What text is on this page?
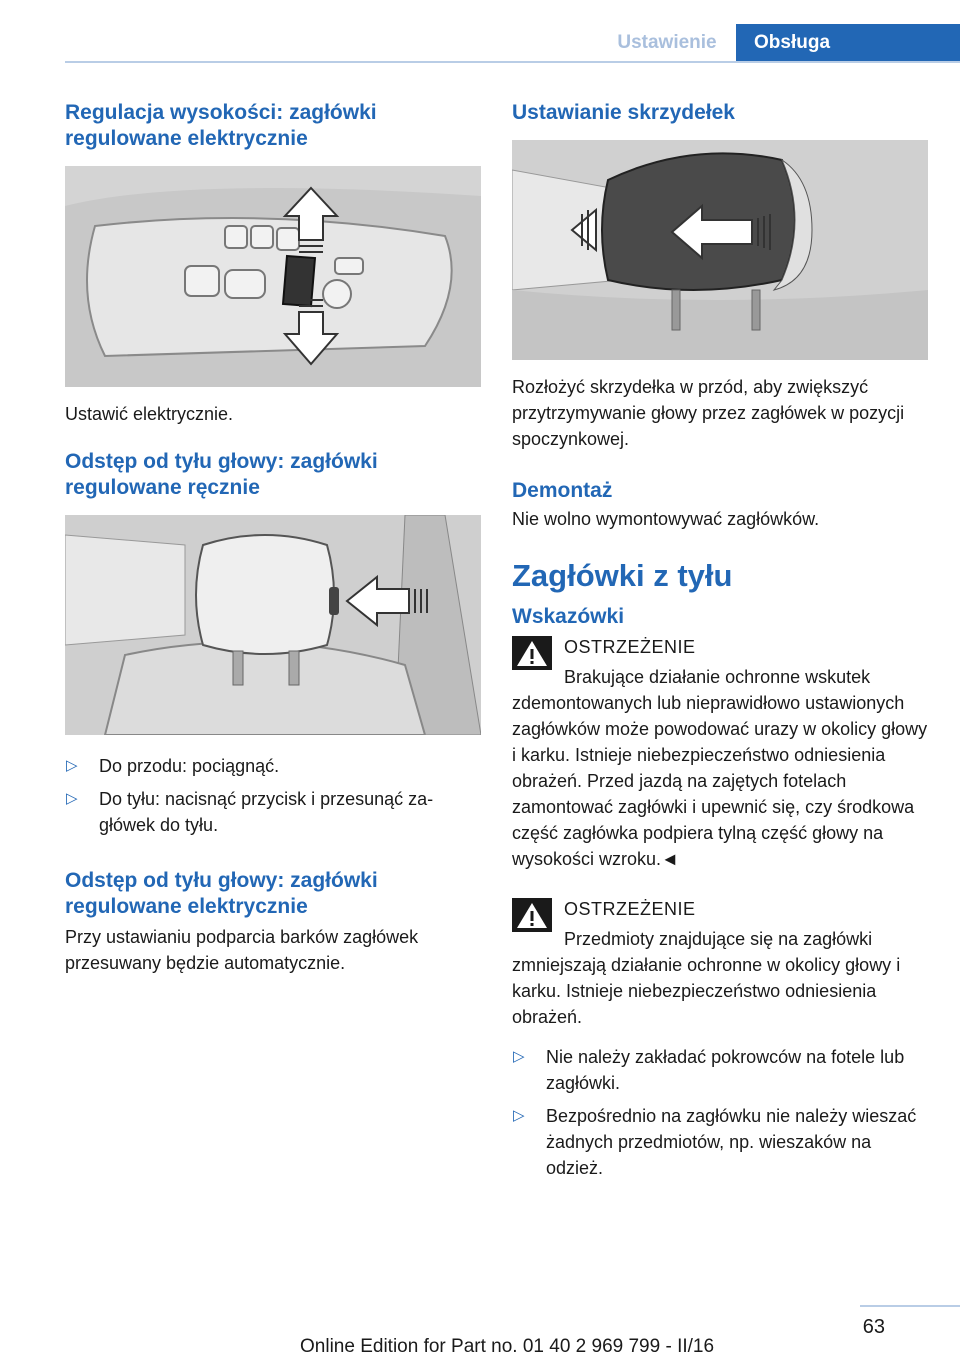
Ustawienie	Obsługa
Regulacja wysokości: zagłówki regulowane elektrycznie

Ustawić elektrycznie.

Odstęp od tyłu głowy: zagłówki regulowane ręcznie
▷ Do przodu: pociągnąć.
▷ Do tyłu: nacisnąć przycisk i przesunąć zagłówek do tyłu.
Odstęp od tyłu głowy: zagłówki regulowane elektrycznie

Przy ustawianiu podparcia barków zagłówek przesuwany będzie automatycznie.

Ustawianie skrzydełek

Rozłożyć skrzydełka w przód, aby zwiększyć przytrzymywanie głowy przez zagłówek w pozycji spoczynkowej.

Demontaż

Nie wolno wymontowywać zagłówków.

Zagłówki z tyłu
Wskazówki
OSTRZEŻENIE
Brakujące działanie ochronne wskutek zdemontowanych lub nieprawidłowo ustawionych zagłówków może powodować urazy w okolicy głowy i karku. Istnieje niebezpieczeństwo odniesienia obrażeń. Przed jazdą na zajętych fotelach zamontować zagłówki i upewnić się, czy środkowa część zagłówka podpiera tylną część głowy na wysokości wzroku.◄
OSTRZEŻENIE
Przedmioty znajdujące się na zagłówki zmniejszają działanie ochronne w okolicy głowy i karku. Istnieje niebezpieczeństwo odniesienia obrażeń.
▷ Nie należy zakładać pokrowców na fotele lub zagłówki.
▷ Bezpośrednio na zagłówku nie należy wieszać żadnych przedmiotów, np. wieszaków na odzież.
63
Online Edition for Part no. 01 40 2 969 799 - II/16
